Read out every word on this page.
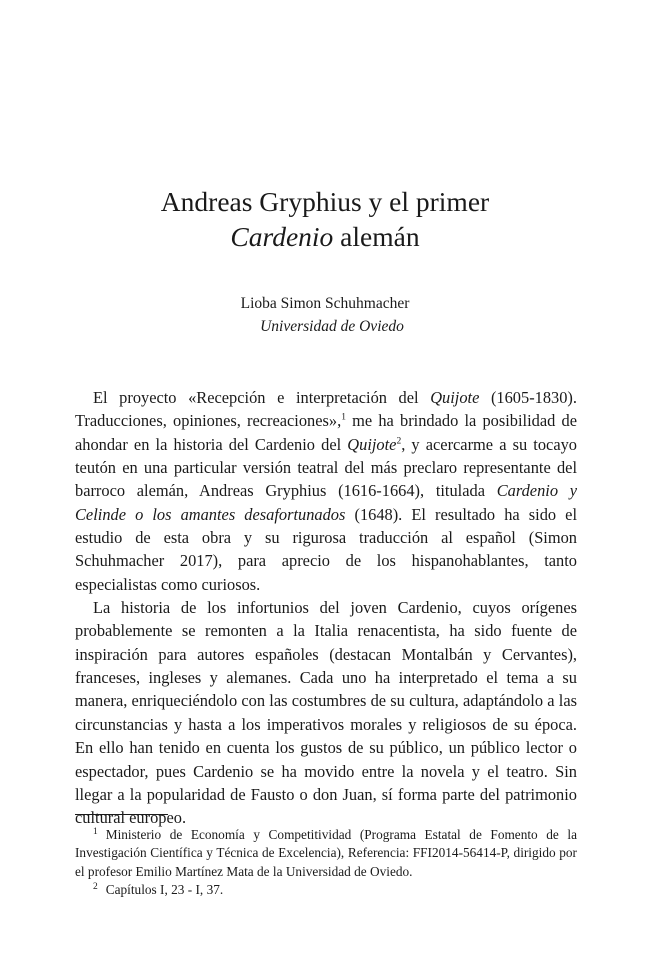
Andreas Gryphius y el primer
Cardenio alemán
Lioba Simon Schuhmacher
Universidad de Oviedo

El proyecto «Recepción e interpretación del Quijote (1605-1830). Traducciones, opiniones, recreaciones»,$^1$ me ha brindado la posibilidad de ahondar en la historia del Cardenio del Quijote$^2$, y acercarme a su tocayo teutón en una particular versión teatral del más preclaro representante del barroco alemán, Andreas Gryphius (1616-1664), titulada Cardenio y Celinde o los amantes desafortunados (1648). El resultado ha sido el estudio de esta obra y su rigurosa traducción al español (Simon Schuhmacher 2017), para aprecio de los hispanohablantes, tanto especialistas como curiosos.

La historia de los infortunios del joven Cardenio, cuyos orígenes probablemente se remonten a la Italia renacentista, ha sido fuente de inspiración para autores españoles (destacan Montalbán y Cervantes), franceses, ingleses y alemanes. Cada uno ha interpretado el tema a su manera, enriqueciéndolo con las costumbres de su cultura, adaptándolo a las circunstancias y hasta a los imperativos morales y religiosos de su época. En ello han tenido en cuenta los gustos de su público, un público lector o espectador, pues Cardenio se ha movido entre la novela y el teatro. Sin llegar a la popularidad de Fausto o don Juan, sí forma parte del patrimonio cultural europeo.

$^1$ Ministerio de Economía y Competitividad (Programa Estatal de Fomento de la Investigación Científica y Técnica de Excelencia), Referencia: FFI2014-56414-P, dirigido por el profesor Emilio Martínez Mata de la Universidad de Oviedo.

$^2$ Capítulos I, 23 - I, 37.
